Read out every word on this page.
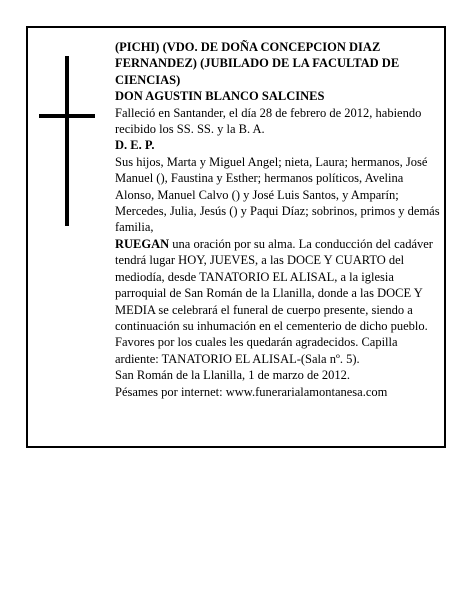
(PICHI) (VDO. DE DOÑA CONCEPCION DIAZ FERNANDEZ) (JUBILADO DE LA FACULTAD DE CIENCIAS)

DON AGUSTIN BLANCO SALCINES

Falleció en Santander, el día 28 de febrero de 2012, habiendo recibido los SS. SS. y la B. A.

D. E. P.

Sus hijos, Marta y Miguel Angel; nieta, Laura; hermanos, José Manuel (), Faustina y Esther; hermanos políticos, Avelina Alonso, Manuel Calvo () y José Luis Santos, y Amparín; Mercedes, Julia, Jesús () y Paqui Díaz; sobrinos, primos y demás familia,

RUEGAN una oración por su alma. La conducción del cadáver tendrá lugar HOY, JUEVES, a las DOCE Y CUARTO del mediodía, desde TANATORIO EL ALISAL, a la iglesia parroquial de San Román de la Llanilla, donde a las DOCE Y MEDIA se celebrará el funeral de cuerpo presente, siendo a continuación su inhumación en el cementerio de dicho pueblo. Favores por los cuales les quedarán agradecidos. Capilla ardiente: TANATORIO EL ALISAL-(Sala nº. 5).

San Román de la Llanilla, 1 de marzo de 2012.

Pésames por internet: www.funerarialamontanesa.com
